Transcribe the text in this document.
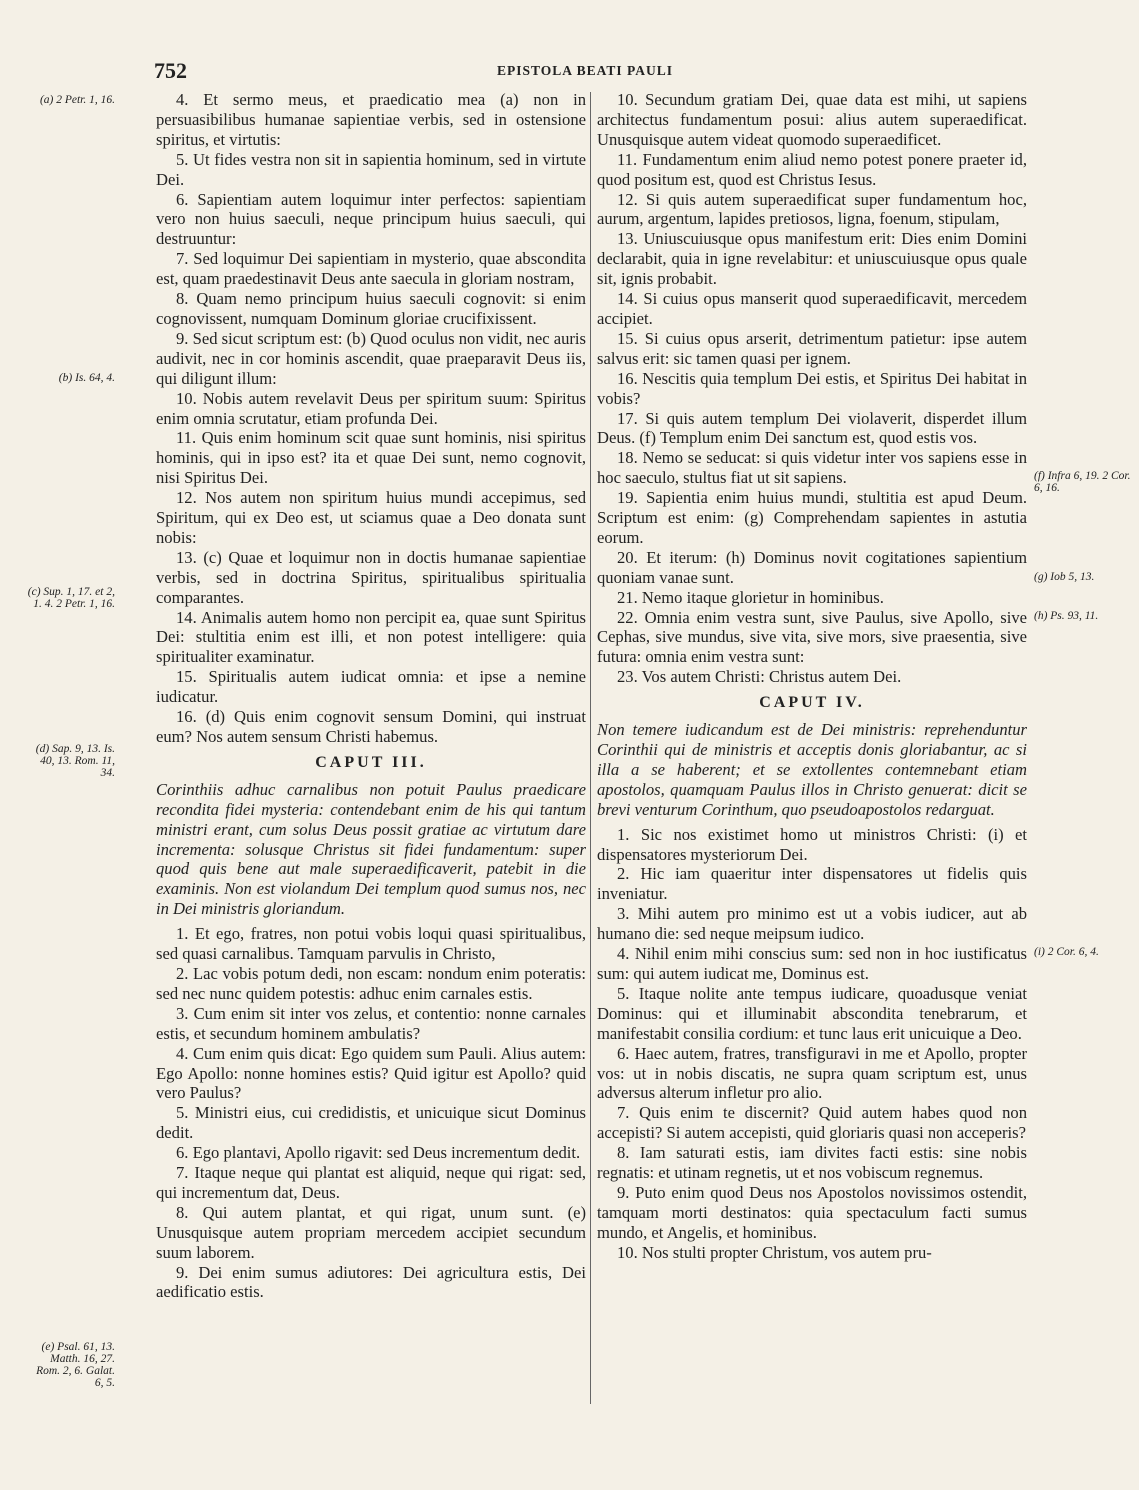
752	EPISTOLA BEATI PAULI

4. Et sermo meus, et praedicatio mea (a) non in persuasibilibus humanae sapientiae verbis, sed in ostensione spiritus, et virtutis:

5. Ut fides vestra non sit in sapientia hominum, sed in virtute Dei.

6. Sapientiam autem loquimur inter perfectos: sapientiam vero non huius saeculi, neque principum huius saeculi, qui destruuntur:

7. Sed loquimur Dei sapientiam in mysterio, quae abscondita est, quam praedestinavit Deus ante saecula in gloriam nostram,

8. Quam nemo principum huius saeculi cognovit: si enim cognovissent, numquam Dominum gloriae crucifixissent.

9. Sed sicut scriptum est: (b) Quod oculus non vidit, nec auris audivit, nec in cor hominis ascendit, quae praeparavit Deus iis, qui diligunt illum:

10. Nobis autem revelavit Deus per spiritum suum: Spiritus enim omnia scrutatur, etiam profunda Dei.

11. Quis enim hominum scit quae sunt hominis, nisi spiritus hominis, qui in ipso est? ita et quae Dei sunt, nemo cognovit, nisi Spiritus Dei.

12. Nos autem non spiritum huius mundi accepimus, sed Spiritum, qui ex Deo est, ut sciamus quae a Deo donata sunt nobis:

13. (c) Quae et loquimur non in doctis humanae sapientiae verbis, sed in doctrina Spiritus, spiritualibus spiritualia comparantes.

14. Animalis autem homo non percipit ea, quae sunt Spiritus Dei: stultitia enim est illi, et non potest intelligere: quia spiritualiter examinatur.

15. Spiritualis autem iudicat omnia: et ipse a nemine iudicatur.

16. (d) Quis enim cognovit sensum Domini, qui instruat eum? Nos autem sensum Christi habemus.

CAPUT III.

Corinthiis adhuc carnalibus non potuit Paulus praedicare recondita fidei mysteria: contendebant enim de his qui tantum ministri erant, cum solus Deus possit gratiae ac virtutum dare incrementa: solusque Christus sit fidei fundamentum: super quod quis bene aut male superaedificaverit, patebit in die examinis. Non est violandum Dei templum quod sumus nos, nec in Dei ministris gloriandum.

1. Et ego, fratres, non potui vobis loqui quasi spiritualibus, sed quasi carnalibus. Tamquam parvulis in Christo,

2. Lac vobis potum dedi, non escam: nondum enim poteratis: sed nec nunc quidem potestis: adhuc enim carnales estis.

3. Cum enim sit inter vos zelus, et contentio: nonne carnales estis, et secundum hominem ambulatis?

4. Cum enim quis dicat: Ego quidem sum Pauli. Alius autem: Ego Apollo: nonne homines estis? Quid igitur est Apollo? quid vero Paulus?

5. Ministri eius, cui credidistis, et unicuique sicut Dominus dedit.

6. Ego plantavi, Apollo rigavit: sed Deus incrementum dedit.

7. Itaque neque qui plantat est aliquid, neque qui rigat: sed, qui incrementum dat, Deus.

8. Qui autem plantat, et qui rigat, unum sunt. (e) Unusquisque autem propriam mercedem accipiet secundum suum laborem.

9. Dei enim sumus adiutores: Dei agricultura estis, Dei aedificatio estis.

10. Secundum gratiam Dei, quae data est mihi, ut sapiens architectus fundamentum posui: alius autem superaedificat. Unusquisque autem videat quomodo superaedificet.

11. Fundamentum enim aliud nemo potest ponere praeter id, quod positum est, quod est Christus Iesus.

12. Si quis autem superaedificat super fundamentum hoc, aurum, argentum, lapides pretiosos, ligna, foenum, stipulam,

13. Uniuscuiusque opus manifestum erit: Dies enim Domini declarabit, quia in igne revelabitur: et uniuscuiusque opus quale sit, ignis probabit.

14. Si cuius opus manserit quod superaedificavit, mercedem accipiet.

15. Si cuius opus arserit, detrimentum patietur: ipse autem salvus erit: sic tamen quasi per ignem.

16. Nescitis quia templum Dei estis, et Spiritus Dei habitat in vobis?

17. Si quis autem templum Dei violaverit, disperdet illum Deus. (f) Templum enim Dei sanctum est, quod estis vos.

18. Nemo se seducat: si quis videtur inter vos sapiens esse in hoc saeculo, stultus fiat ut sit sapiens.

19. Sapientia enim huius mundi, stultitia est apud Deum. Scriptum est enim: (g) Comprehendam sapientes in astutia eorum.

20. Et iterum: (h) Dominus novit cogitationes sapientium quoniam vanae sunt.

21. Nemo itaque glorietur in hominibus.

22. Omnia enim vestra sunt, sive Paulus, sive Apollo, sive Cephas, sive mundus, sive vita, sive mors, sive praesentia, sive futura: omnia enim vestra sunt:

23. Vos autem Christi: Christus autem Dei.

CAPUT IV.

Non temere iudicandum est de Dei ministris: reprehenduntur Corinthii qui de ministris et acceptis donis gloriabantur, ac si illa a se haberent; et se extollentes contemnebant etiam apostolos, quamquam Paulus illos in Christo genuerat: dicit se brevi venturum Corinthum, quo pseudoapostolos redarguat.

1. Sic nos existimet homo ut ministros Christi: (i) et dispensatores mysteriorum Dei.

2. Hic iam quaeritur inter dispensatores ut fidelis quis inveniatur.

3. Mihi autem pro minimo est ut a vobis iudicer, aut ab humano die: sed neque meipsum iudico.

4. Nihil enim mihi conscius sum: sed non in hoc iustificatus sum: qui autem iudicat me, Dominus est.

5. Itaque nolite ante tempus iudicare, quoadusque veniat Dominus: qui et illuminabit abscondita tenebrarum, et manifestabit consilia cordium: et tunc laus erit unicuique a Deo.

6. Haec autem, fratres, transfiguravi in me et Apollo, propter vos: ut in nobis discatis, ne supra quam scriptum est, unus adversus alterum infletur pro alio.

7. Quis enim te discernit? Quid autem habes quod non accepisti? Si autem accepisti, quid gloriaris quasi non acceperis?

8. Iam saturati estis, iam divites facti estis: sine nobis regnatis: et utinam regnetis, ut et nos vobiscum regnemus.

9. Puto enim quod Deus nos Apostolos novissimos ostendit, tamquam morti destinatos: quia spectaculum facti sumus mundo, et Angelis, et hominibus.

10. Nos stulti propter Christum, vos autem pru-

(a) 2 Petr. 1, 16.
(b) Is. 64, 4.
(c) Sup. 1, 17. et 2, 1. 4. 2 Petr. 1, 16.
(d) Sap. 9, 13. Is. 40, 13. Rom. 11, 34.
(e) Psal. 61, 13. Matth. 16, 27. Rom. 2, 6. Galat. 6, 5.
(f) Infra 6, 19. 2 Cor. 6, 16.
(g) Iob 5, 13.
(h) Ps. 93, 11.
(i) 2 Cor. 6, 4.
